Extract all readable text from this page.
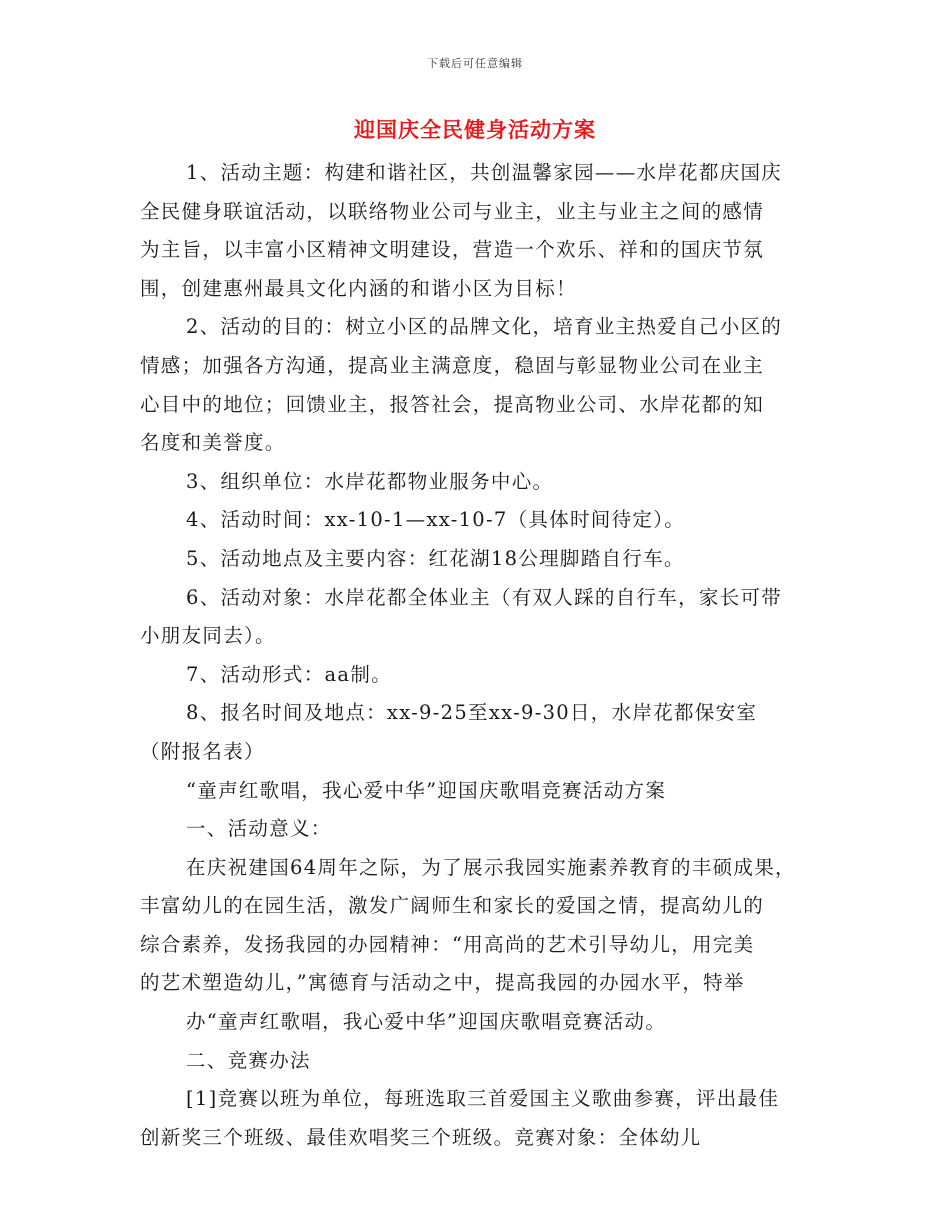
下载后可任意编辑
迎国庆全民健身活动方案
1、活动主题：构建和谐社区，共创温馨家园——水岸花都庆国庆
全民健身联谊活动，以联络物业公司与业主，业主与业主之间的感情
为主旨，以丰富小区精神文明建设，营造一个欢乐、祥和的国庆节氛
围，创建惠州最具文化内涵的和谐小区为目标！
2、活动的目的：树立小区的品牌文化，培育业主热爱自己小区的
情感；加强各方沟通，提高业主满意度，稳固与彰显物业公司在业主
心目中的地位；回馈业主，报答社会，提高物业公司、水岸花都的知
名度和美誉度。
3、组织单位：水岸花都物业服务中心。
4、活动时间：xx-10-1—xx-10-7（具体时间待定）。
5、活动地点及主要内容：红花湖18公理脚踏自行车。
6、活动对象：水岸花都全体业主（有双人踩的自行车，家长可带
小朋友同去）。
7、活动形式：aa制。
8、报名时间及地点：xx-9-25至xx-9-30日，水岸花都保安室
（附报名表）
“童声红歌唱，我心爱中华”迎国庆歌唱竞赛活动方案
一、活动意义：
在庆祝建国64周年之际，为了展示我园实施素养教育的丰硕成果，
丰富幼儿的在园生活，激发广阔师生和家长的爱国之情，提高幼儿的
综合素养，发扬我园的办园精神：“用高尚的艺术引导幼儿，用完美
的艺术塑造幼儿，”寓德育与活动之中，提高我园的办园水平，特举
办“童声红歌唱，我心爱中华”迎国庆歌唱竞赛活动。
二、竞赛办法
[1]竞赛以班为单位，每班选取三首爱国主义歌曲参赛，评出最佳
创新奖三个班级、最佳欢唱奖三个班级。竞赛对象：全体幼儿
